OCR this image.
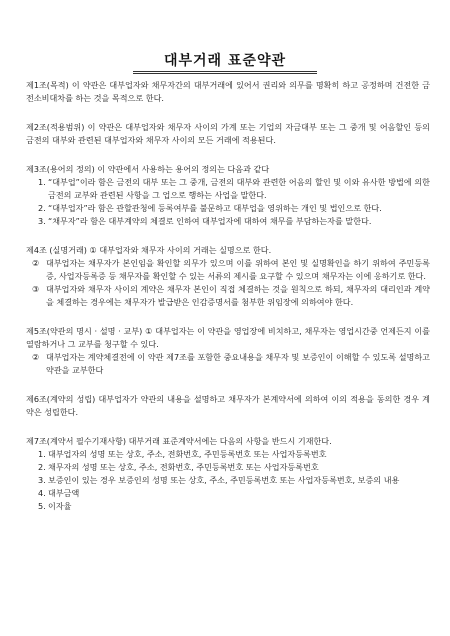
대부거래 표준약관

제1조(목적) 이 약관은 대부업자와 채무자간의 대부거래에 있어서 권리와 의무를 명확히 하고 공정하며 건전한 금전소비대차를 하는 것을 목적으로 한다.

제2조(적용범위) 이 약관은 대부업자와 채무자 사이의 가계 또는 기업의 자금대부 또는 그 중개 및 어음할인 등의 금전의 대부와 관련된 대부업자와 채무자 사이의 모든 거래에 적용된다.

제3조(용어의 정의) 이 약관에서 사용하는 용어의 정의는 다음과 같다

1. “대부업”이라 함은 금전의 대부 또는 그 중개, 금전의 대부와 관련한 어음의 할인 및 이와 유사한 방법에 의한 금전의 교부와 관련된 사항을 그 업으로 행하는 사업을 말한다.
2. “대부업자”라 함은 관할관청에 등록여부를 불문하고 대부업을 영위하는 개인 및 법인으로 한다.
3. “채무자”라 함은 대부계약의 체결로 인하여 대부업자에 대하여 채무를 부담하는자를 말한다.

제4조 (실명거래) ① 대부업자와 채무자 사이의 거래는 실명으로 한다.

② 대부업자는 채무자가 본인임을 확인할 의무가 있으며 이를 위하여 본인 및 실명확인을 하기 위하여 주민등록증, 사업자등록증 등 채무자를 확인할 수 있는 서류의 제시를 요구할 수 있으며 채무자는 이에 응하기로 한다.
③ 대부업자와 채무자 사이의 계약은 채무자 본인이 직접 체결하는 것을 원칙으로 하되, 채무자의 대리인과 계약을 체결하는 경우에는 채무자가 발급받은 인감증명서를 첨부한 위임장에 의하여야 한다.

제5조(약관의 명시 · 설명 · 교부) ① 대부업자는 이 약관을 영업장에 비치하고, 채무자는 영업시간중 언제든지 이를 열람하거나 그 교부를 청구할 수 있다.

② 대부업자는 계약체결전에 이 약관 제7조를 포함한 중요내용을 채무자 및 보증인이 이해할 수 있도록 설명하고 약관을 교부한다

제6조(계약의 성립) 대부업자가 약관의 내용을 설명하고 채무자가 본계약서에 의하여 이의 적용을 동의한 경우 계약은 성립한다.

제7조(계약서 필수기재사항) 대부거래 표준계약서에는 다음의 사항을 반드시 기재한다.

1. 대부업자의 성명 또는 상호, 주소, 전화번호, 주민등록번호 또는 사업자등록번호
2. 채무자의 성명 또는 상호, 주소, 전화번호, 주민등록번호 또는 사업자등록번호
3. 보증인이 있는 경우 보증인의 성명 또는 상호, 주소, 주민등록번호 또는 사업자등록번호, 보증의 내용
4. 대부금액
5. 이자율
